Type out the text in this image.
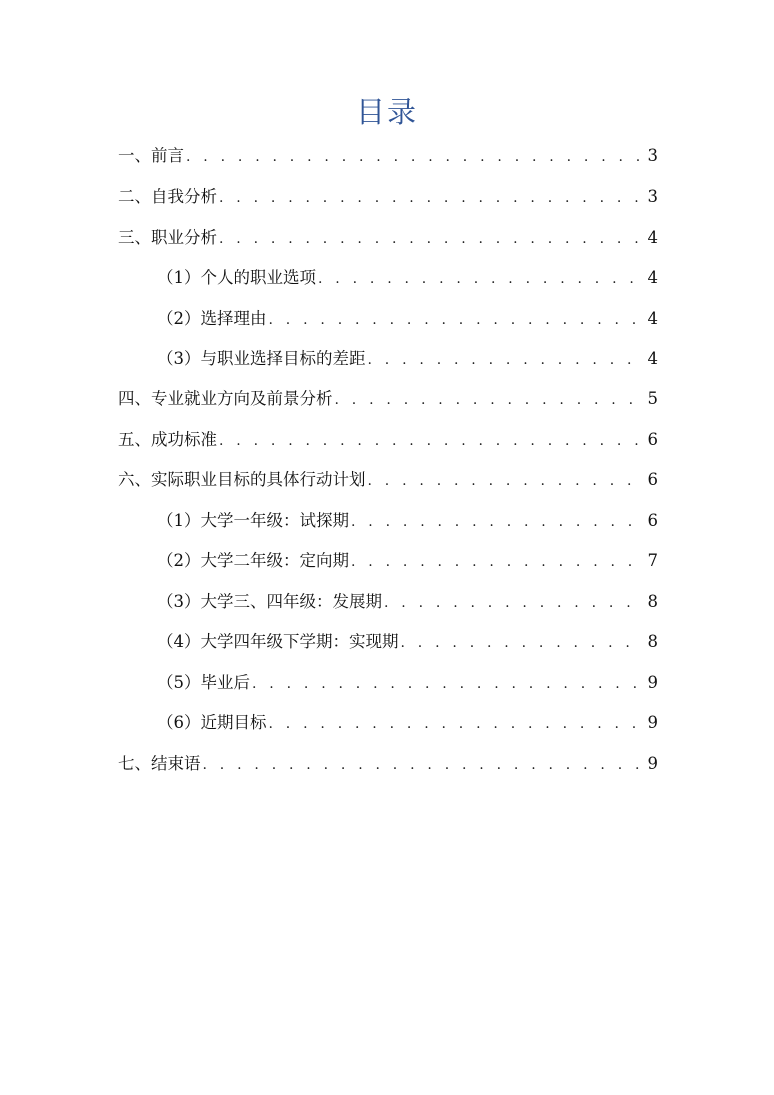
目录
一、前言 . . .	3
二、自我分析 . . .	3
三、职业分析 . . .	4
（1）个人的职业选项 . . .	4
（2）选择理由 . . .	4
（3）与职业选择目标的差距 . . .	4
四、专业就业方向及前景分析 . . .	5
五、成功标准 . . .	6
六、实际职业目标的具体行动计划 . . .	6
（1）大学一年级：试探期 . . .	6
（2）大学二年级：定向期 . . .	7
（3）大学三、四年级：发展期 . . .	8
（4）大学四年级下学期：实现期 . . .	8
（5）毕业后 . . .	9
（6）近期目标 . . .	9
七、结束语 . . .	9
